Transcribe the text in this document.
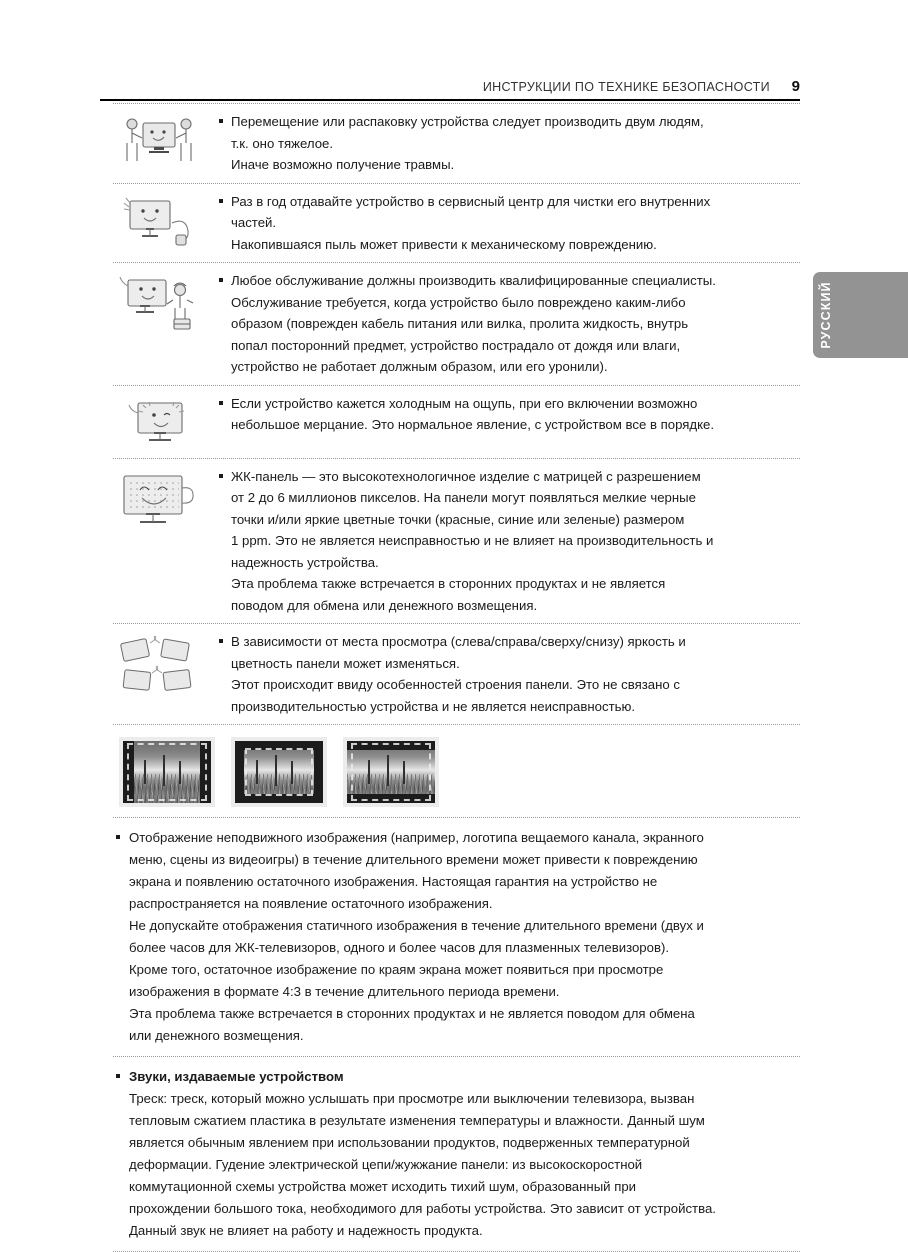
ИНСТРУКЦИИ ПО ТЕХНИКЕ БЕЗОПАСНОСТИ 9
РУССКИЙ

Перемещение или распаковку устройства следует производить двум людям,

т.к. оно тяжелое.

Иначе возможно получение травмы.

Раз в год отдавайте устройство в сервисный центр для чистки его внутренних

частей.

Накопившаяся пыль может привести к механическому повреждению.

Любое обслуживание должны производить квалифицированные специалисты.

Обслуживание требуется, когда устройство было повреждено каким-либо

образом (поврежден кабель питания или вилка, пролита жидкость, внутрь

попал посторонний предмет, устройство пострадало от дождя или влаги,

устройство не работает должным образом, или его уронили).

Если устройство кажется холодным на ощупь, при его включении возможно

небольшое мерцание. Это нормальное явление, с устройством все в порядке.

ЖК-панель — это высокотехнологичное изделие с матрицей с разрешением

от 2 до 6 миллионов пикселов. На панели могут появляться мелкие черные

точки и/или яркие цветные точки (красные, синие или зеленые) размером

1 ppm. Это не является неисправностью и не влияет на производительность и

надежность устройства.

Эта проблема также встречается в сторонних продуктах и не является

поводом для обмена или денежного возмещения.

В зависимости от места просмотра (слева/справа/сверху/снизу) яркость и

цветность панели может изменяться.

Этот происходит ввиду особенностей строения панели. Это не связано с

производительностью устройства и не является неисправностью.

Отображение неподвижного изображения (например, логотипа вещаемого канала, экранного

меню, сцены из видеоигры) в течение длительного времени может привести к повреждению

экрана и появлению остаточного изображения. Настоящая гарантия на устройство не

распространяется на появление остаточного изображения.

Не допускайте отображения статичного изображения в течение длительного времени (двух и

более часов для ЖК-телевизоров, одного и более часов для плазменных телевизоров).

Кроме того, остаточное изображение по краям экрана может появиться при просмотре

изображения в формате 4:3 в течение длительного периода времени.

Эта проблема также встречается в сторонних продуктах и не является поводом для обмена

или денежного возмещения.

Звуки, издаваемые устройством

Треск: треск, который можно услышать при просмотре или выключении телевизора, вызван

тепловым сжатием пластика в результате изменения температуры и влажности. Данный шум

является обычным явлением при использовании продуктов, подверженных температурной

деформации. Гудение электрической цепи/жужжание панели: из высокоскоростной

коммутационной схемы устройства может исходить тихий шум, образованный при

прохождении большого тока, необходимого для работы устройства. Это зависит от устройства.

Данный звук не влияет на работу и надежность продукта.
